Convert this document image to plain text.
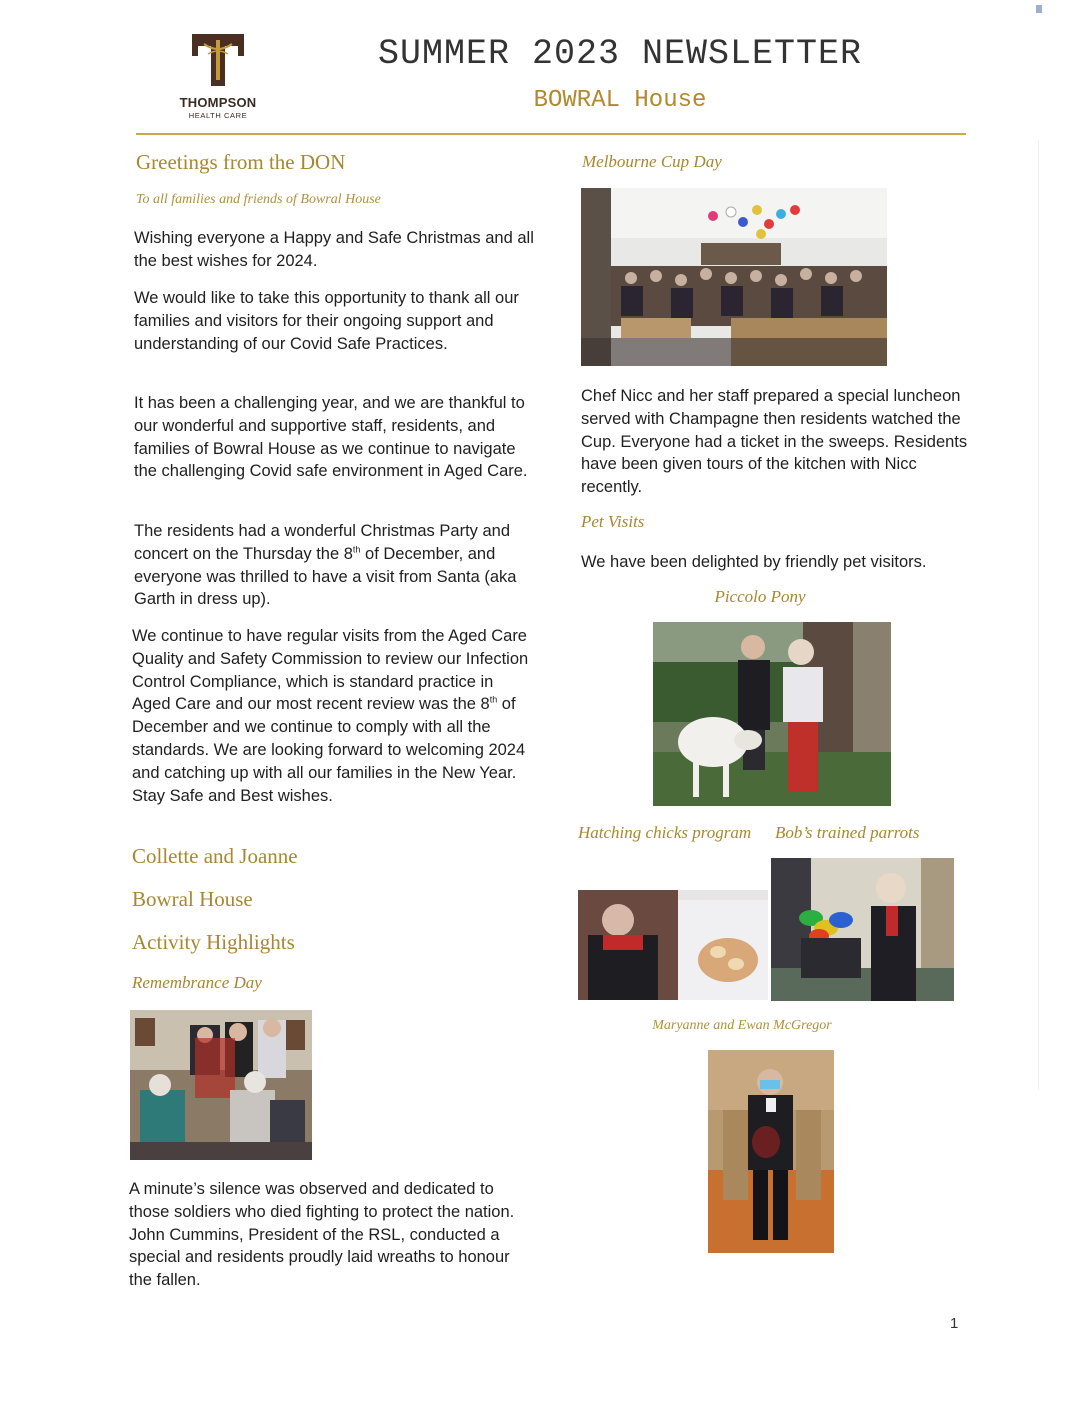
THOMPSON
HEALTH CARE
SUMMER 2023 NEWSLETTER
BOWRAL House
Greetings from the DON
To all families and friends of Bowral House
Wishing everyone a Happy and Safe Christmas and all the best wishes for 2024.
We would like to take this opportunity to thank all our families and visitors for their ongoing support and understanding of our Covid Safe Practices.
It has been a challenging year, and we are thankful to our wonderful and supportive staff, residents, and families of Bowral House as we continue to navigate the challenging Covid safe environment in Aged Care.
The residents had a wonderful Christmas Party and concert on the Thursday the 8th of December, and everyone was thrilled to have a visit from Santa (aka Garth in dress up).
We continue to have regular visits from the Aged Care Quality and Safety Commission to review our Infection Control Compliance, which is standard practice in Aged Care and our most recent review was the 8th of December and we continue to comply with all the standards. We are looking forward to welcoming 2024 and catching up with all our families in the New Year. Stay Safe and Best wishes.
Collette and Joanne
Bowral House
Activity Highlights
Remembrance Day
A minute’s silence was observed and dedicated to those soldiers who died fighting to protect the nation. John Cummins, President of the RSL, conducted a special and residents proudly laid wreaths to honour the fallen.
Melbourne Cup Day
Chef Nicc and her staff prepared a special luncheon served with Champagne then residents watched the Cup. Everyone had a ticket in the sweeps. Residents have been given tours of the kitchen with Nicc recently.
Pet Visits
We have been delighted by friendly pet visitors.
Piccolo Pony
Hatching chicks program Bob’s trained parrots
Maryanne and Ewan McGregor
1
